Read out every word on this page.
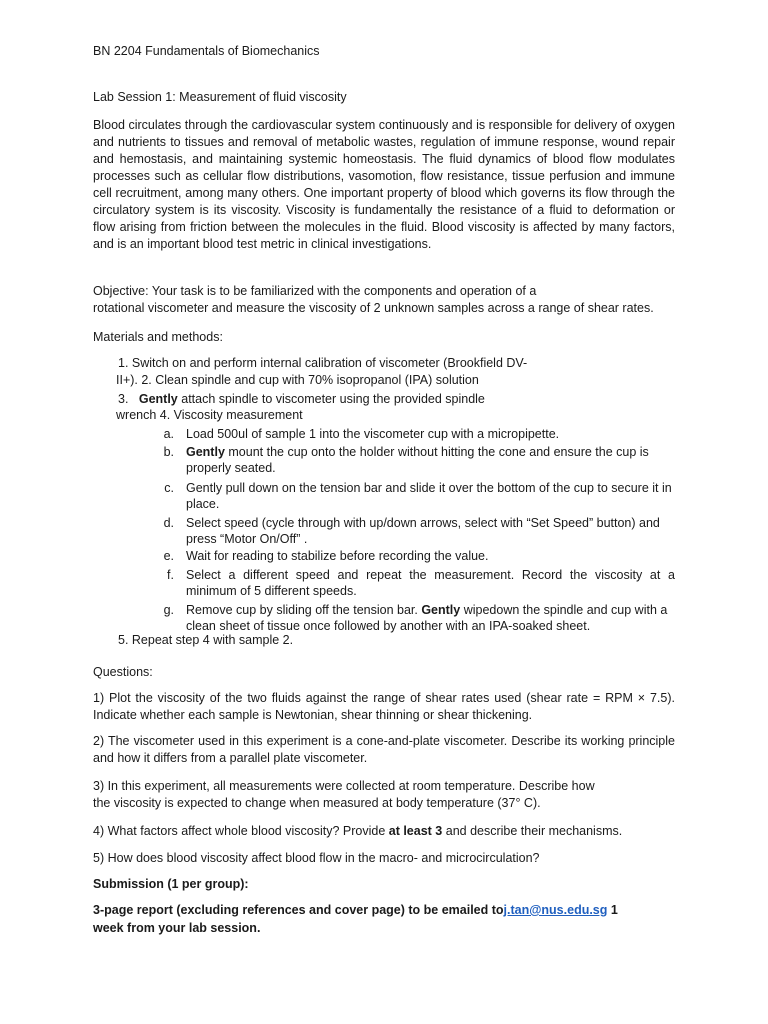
BN 2204 Fundamentals of Biomechanics
Lab Session 1: Measurement of fluid viscosity
Blood circulates through the cardiovascular system continuously and is responsible for delivery of oxygen and nutrients to tissues and removal of metabolic wastes, regulation of immune response, wound repair and hemostasis, and maintaining systemic homeostasis. The fluid dynamics of blood flow modulates processes such as cellular flow distributions, vasomotion, flow resistance, tissue perfusion and immune cell recruitment, among many others. One important property of blood which governs its flow through the circulatory system is its viscosity. Viscosity is fundamentally the resistance of a fluid to deformation or flow arising from friction between the molecules in the fluid. Blood viscosity is affected by many factors, and is an important blood test metric in clinical investigations.
Objective: Your task is to be familiarized with the components and operation of a
rotational viscometer and measure the viscosity of 2 unknown samples across a range of shear rates.
Materials and methods:
1. Switch on and perform internal calibration of viscometer (Brookfield DV-
II+). 2. Clean spindle and cup with 70% isopropanol (IPA) solution
3. Gently attach spindle to viscometer using the provided spindle
wrench 4. Viscosity measurement
a. Load 500ul of sample 1 into the viscometer cup with a micropipette.
b. Gently mount the cup onto the holder without hitting the cone and ensure the cup is properly seated.
c. Gently pull down on the tension bar and slide it over the bottom of the cup to secure it in place.
d. Select speed (cycle through with up/down arrows, select with “Set Speed” button) and press “Motor On/Off” .
e. Wait for reading to stabilize before recording the value.
f. Select a different speed and repeat the measurement. Record the viscosity at a minimum of 5 different speeds.
g. Remove cup by sliding off the tension bar. Gently wipedown the spindle and cup with a clean sheet of tissue once followed by another with an IPA-soaked sheet.
5. Repeat step 4 with sample 2.
Questions:
1) Plot the viscosity of the two fluids against the range of shear rates used (shear rate = RPM × 7.5). Indicate whether each sample is Newtonian, shear thinning or shear thickening.
2) The viscometer used in this experiment is a cone-and-plate viscometer. Describe its working principle and how it differs from a parallel plate viscometer.
3) In this experiment, all measurements were collected at room temperature. Describe how
the viscosity is expected to change when measured at body temperature (37° C).
4) What factors affect whole blood viscosity? Provide at least 3 and describe their mechanisms.
5) How does blood viscosity affect blood flow in the macro- and microcirculation?
Submission (1 per group):
3-page report (excluding references and cover page) to be emailed toj.tan@nus.edu.sg 1
week from your lab session.
